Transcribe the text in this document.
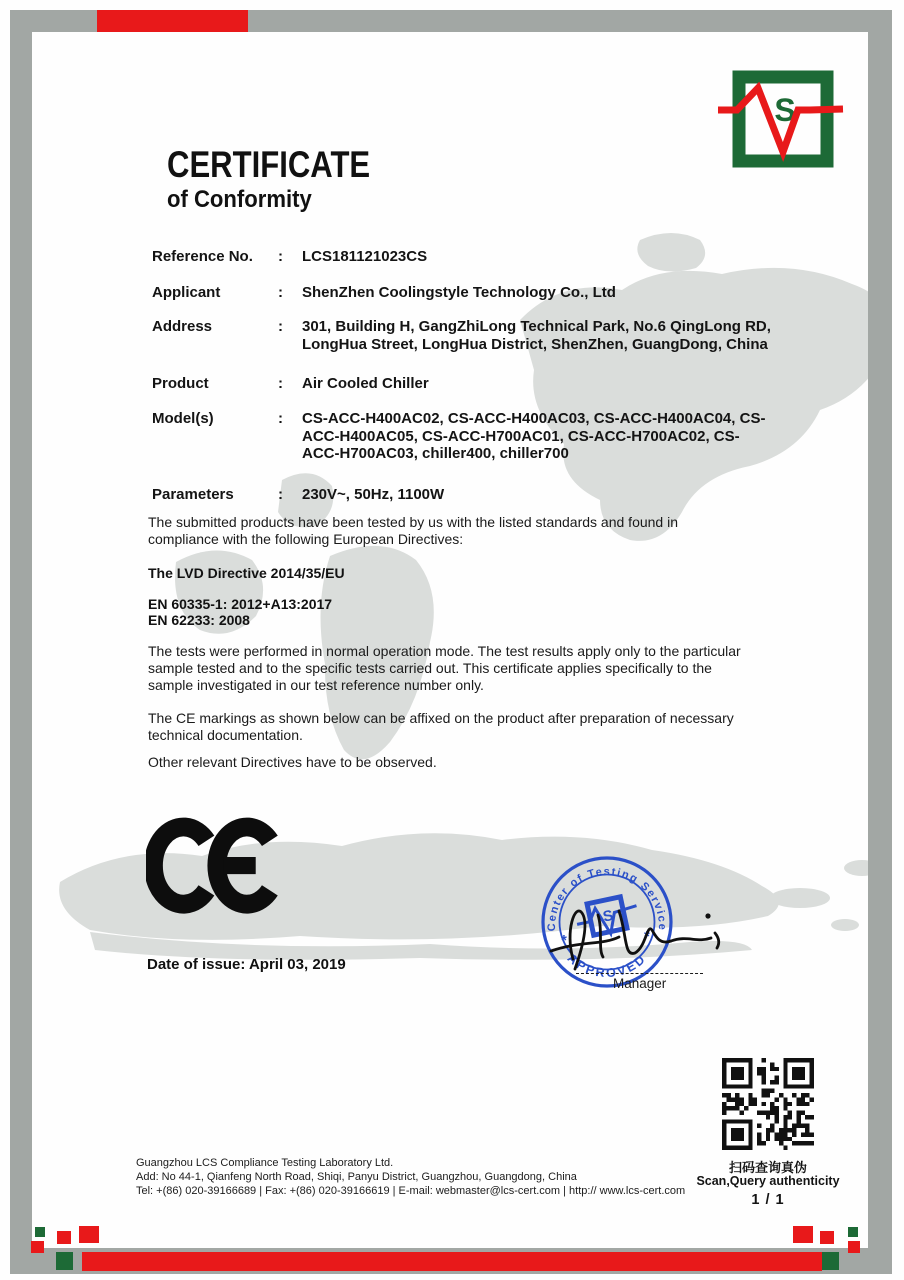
S
CERTIFICATE
of Conformity
Reference No.	:	LCS181121023CS
Applicant	:	ShenZhen Coolingstyle Technology Co., Ltd
Address	:	301, Building H, GangZhiLong Technical Park, No.6 QingLong RD, LongHua Street, LongHua District, ShenZhen, GuangDong, China
Product	:	Air Cooled Chiller
Model(s)	:	CS-ACC-H400AC02, CS-ACC-H400AC03, CS-ACC-H400AC04, CS-ACC-H400AC05, CS-ACC-H700AC01, CS-ACC-H700AC02, CS-ACC-H700AC03, chiller400, chiller700
Parameters	:	230V~, 50Hz, 1100W
The submitted products have been tested by us with the listed standards and found in compliance with the following European Directives:
The LVD Directive 2014/35/EU
EN 60335-1: 2012+A13:2017
EN 62233: 2008
The tests were performed in normal operation mode. The test results apply only to the particular sample tested and to the specific tests carried out. This certificate applies specifically to the sample investigated in our test reference number only.
The CE markings as shown below can be affixed on the product after preparation of necessary technical documentation.
Other relevant Directives have to be observed.
Date of issue: April 03, 2019
Center of Testing Service
APPROVED
*	*
S
Manager
扫码查询真伪
Scan,Query authenticity
1 / 1
Guangzhou LCS Compliance Testing Laboratory Ltd.
Add: No 44-1, Qianfeng North Road, Shiqi, Panyu District, Guangzhou, Guangdong, China
Tel: +(86) 020-39166689 | Fax: +(86) 020-39166619 | E-mail: webmaster@lcs-cert.com | http:// www.lcs-cert.com
